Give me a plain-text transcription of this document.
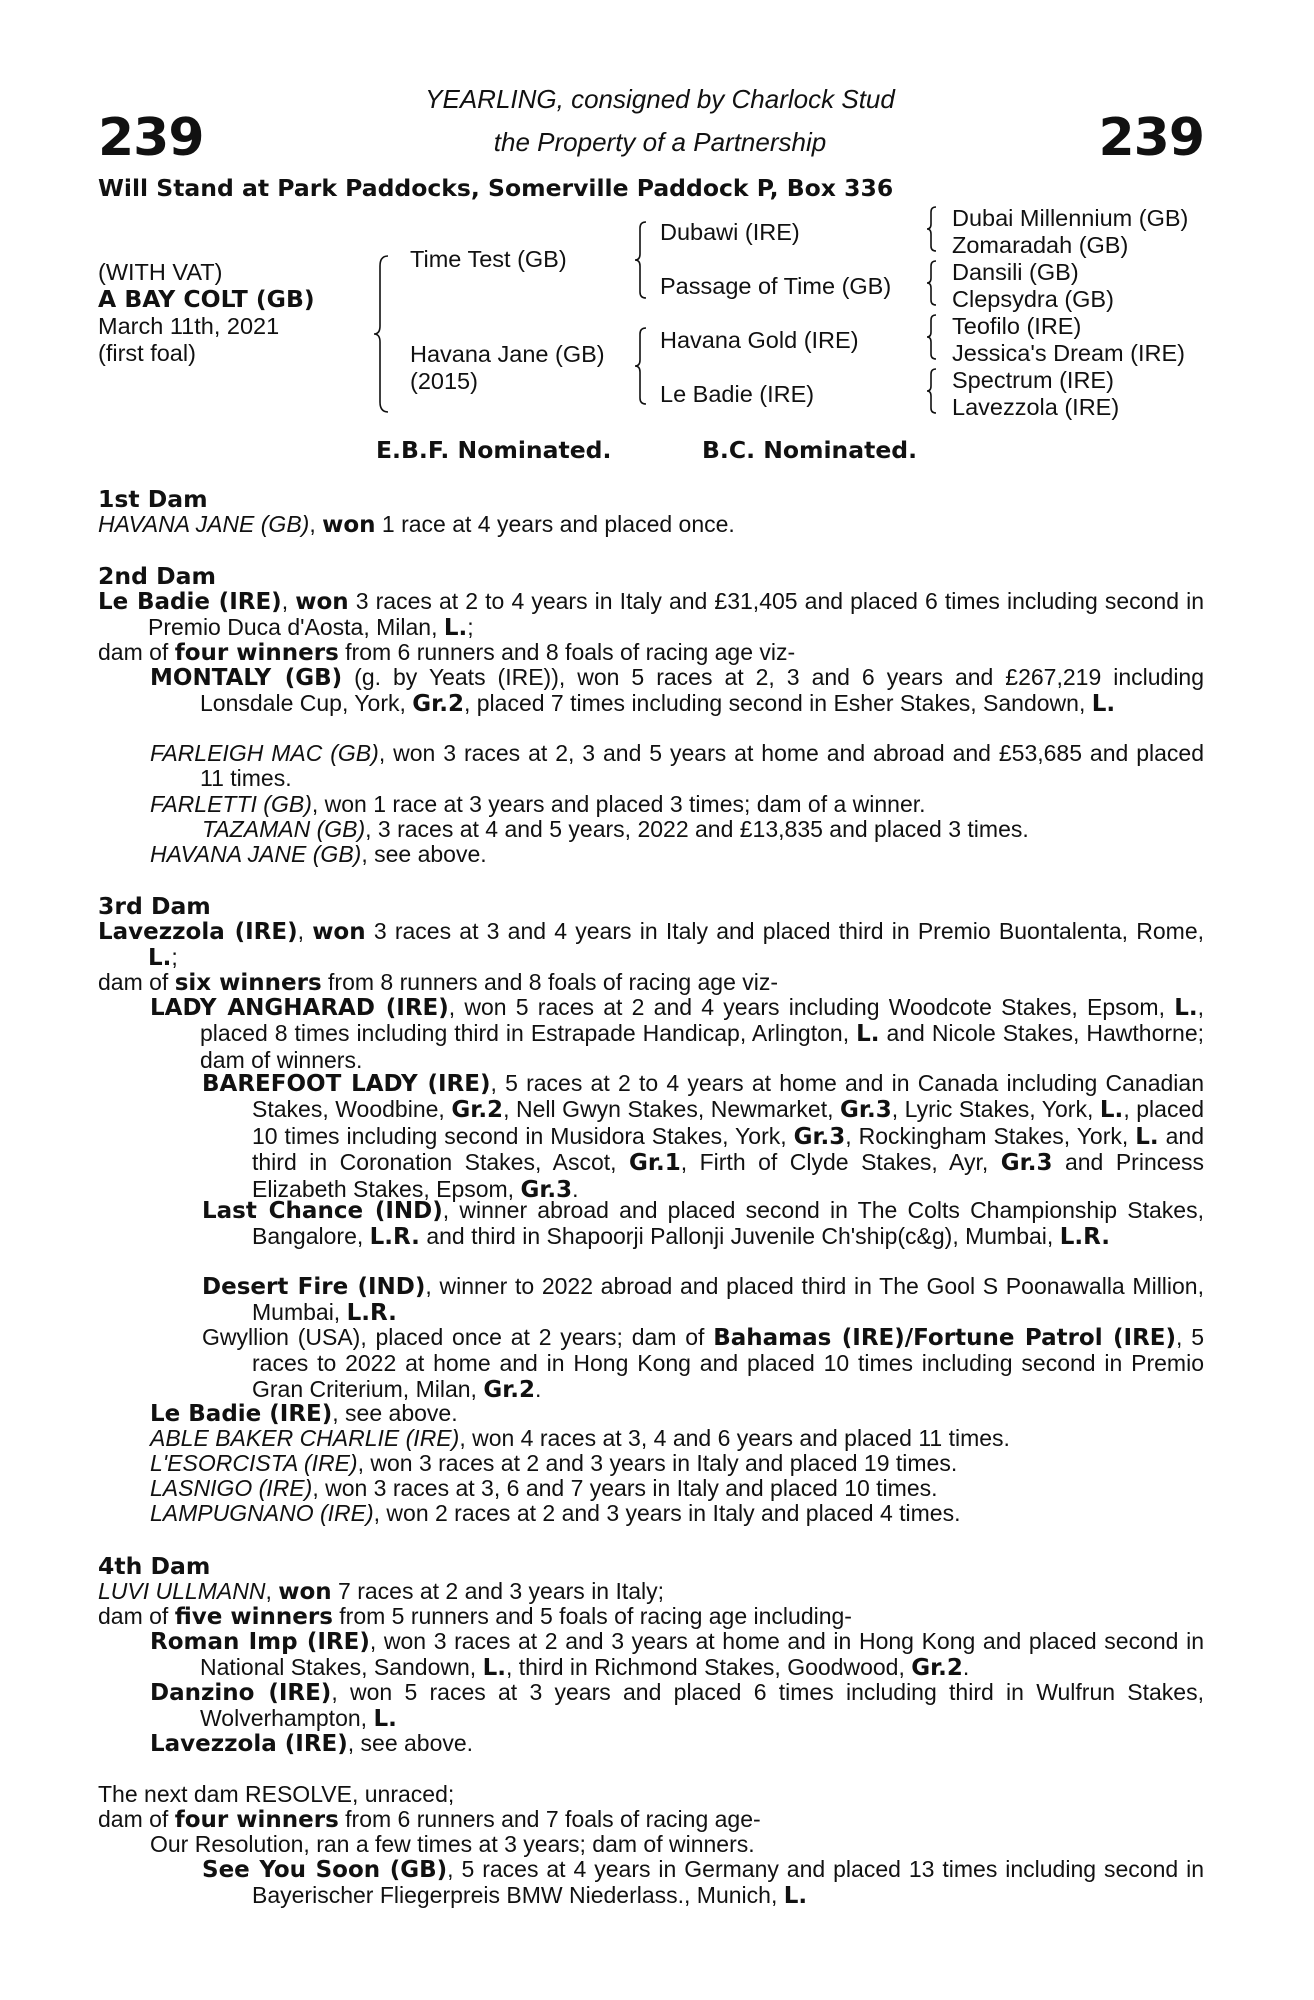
239	239
YEARLING, consigned by Charlock Stud
the Property of a Partnership
Will Stand at Park Paddocks, Somerville Paddock P, Box 336
(WITH VAT)
A BAY COLT (GB)
March 11th, 2021
(first foal)
Time Test (GB)
Havana Jane (GB)
(2015)
Dubawi (IRE)
Passage of Time (GB)
Havana Gold (IRE)
Le Badie (IRE)
Dubai Millennium (GB)
Zomaradah (GB)
Dansili (GB)
Clepsydra (GB)
Teofilo (IRE)
Jessica's Dream (IRE)
Spectrum (IRE)
Lavezzola (IRE)
E.B.F. Nominated.	B.C. Nominated.
1st Dam
HAVANA JANE (GB), won 1 race at 4 years and placed once.
2nd Dam
Le Badie (IRE), won 3 races at 2 to 4 years in Italy and £31,405 and placed 6 times including second in Premio Duca d'Aosta, Milan, L.;
dam of four winners from 6 runners and 8 foals of racing age viz-
MONTALY (GB) (g. by Yeats (IRE)), won 5 races at 2, 3 and 6 years and £267,219 including Lonsdale Cup, York, Gr.2, placed 7 times including second in Esher Stakes, Sandown, L.
FARLEIGH MAC (GB), won 3 races at 2, 3 and 5 years at home and abroad and £53,685 and placed 11 times.
FARLETTI (GB), won 1 race at 3 years and placed 3 times; dam of a winner.
TAZAMAN (GB), 3 races at 4 and 5 years, 2022 and £13,835 and placed 3 times.
HAVANA JANE (GB), see above.
3rd Dam
Lavezzola (IRE), won 3 races at 3 and 4 years in Italy and placed third in Premio Buontalenta, Rome, L.;
dam of six winners from 8 runners and 8 foals of racing age viz-
LADY ANGHARAD (IRE), won 5 races at 2 and 4 years including Woodcote Stakes, Epsom, L., placed 8 times including third in Estrapade Handicap, Arlington, L. and Nicole Stakes, Hawthorne; dam of winners.
BAREFOOT LADY (IRE), 5 races at 2 to 4 years at home and in Canada including Canadian Stakes, Woodbine, Gr.2, Nell Gwyn Stakes, Newmarket, Gr.3, Lyric Stakes, York, L., placed 10 times including second in Musidora Stakes, York, Gr.3, Rockingham Stakes, York, L. and third in Coronation Stakes, Ascot, Gr.1, Firth of Clyde Stakes, Ayr, Gr.3 and Princess Elizabeth Stakes, Epsom, Gr.3.
Last Chance (IND), winner abroad and placed second in The Colts Championship Stakes, Bangalore, L.R. and third in Shapoorji Pallonji Juvenile Ch'ship(c&g), Mumbai, L.R.
Desert Fire (IND), winner to 2022 abroad and placed third in The Gool S Poonawalla Million, Mumbai, L.R.
Gwyllion (USA), placed once at 2 years; dam of Bahamas (IRE)/Fortune Patrol (IRE), 5 races to 2022 at home and in Hong Kong and placed 10 times including second in Premio Gran Criterium, Milan, Gr.2.
Le Badie (IRE), see above.
ABLE BAKER CHARLIE (IRE), won 4 races at 3, 4 and 6 years and placed 11 times.
L'ESORCISTA (IRE), won 3 races at 2 and 3 years in Italy and placed 19 times.
LASNIGO (IRE), won 3 races at 3, 6 and 7 years in Italy and placed 10 times.
LAMPUGNANO (IRE), won 2 races at 2 and 3 years in Italy and placed 4 times.
4th Dam
LUVI ULLMANN, won 7 races at 2 and 3 years in Italy;
dam of five winners from 5 runners and 5 foals of racing age including-
Roman Imp (IRE), won 3 races at 2 and 3 years at home and in Hong Kong and placed second in National Stakes, Sandown, L., third in Richmond Stakes, Goodwood, Gr.2.
Danzino (IRE), won 5 races at 3 years and placed 6 times including third in Wulfrun Stakes, Wolverhampton, L.
Lavezzola (IRE), see above.
The next dam RESOLVE, unraced;
dam of four winners from 6 runners and 7 foals of racing age-
Our Resolution, ran a few times at 3 years; dam of winners.
See You Soon (GB), 5 races at 4 years in Germany and placed 13 times including second in Bayerischer Fliegerpreis BMW Niederlass., Munich, L.
